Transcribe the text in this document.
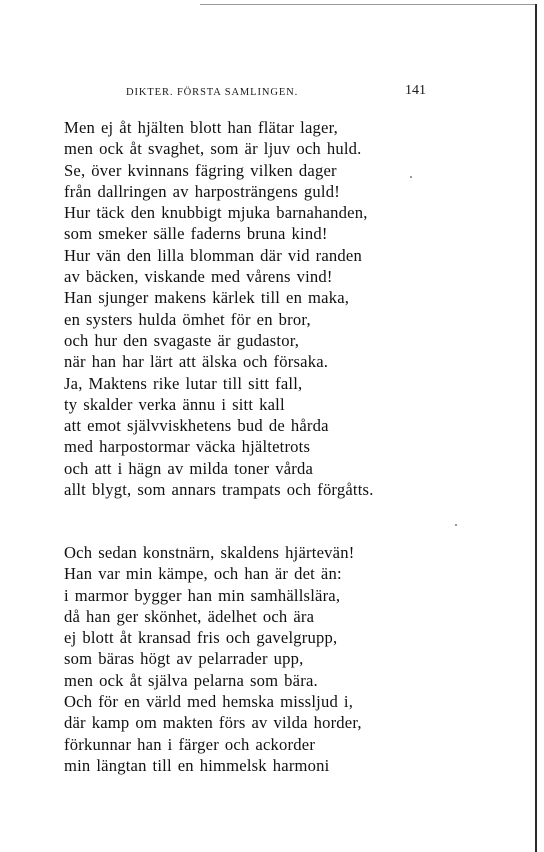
DIKTER. FÖRSTA SAMLINGEN.	141
Men ej åt hjälten blott han flätar lager,
men ock åt svaghet, som är ljuv och huld.
Se, över kvinnans fägring vilken dager
från dallringen av harposträngens guld!
Hur täck den knubbigt mjuka barnahanden,
som smeker sälle faderns bruna kind!
Hur vän den lilla blomman där vid randen
av bäcken, viskande med vårens vind!
Han sjunger makens kärlek till en maka,
en systers hulda ömhet för en bror,
och hur den svagaste är gudastor,
när han har lärt att älska och försaka.
Ja, Maktens rike lutar till sitt fall,
ty skalder verka ännu i sitt kall
att emot självviskhetens bud de hårda
med harpostormar väcka hjältetrots
och att i hägn av milda toner vårda
allt blygt, som annars trampats och förgåtts.
Och sedan konstnärn, skaldens hjärtevän!
Han var min kämpe, och han är det än:
i marmor bygger han min samhällslära,
då han ger skönhet, ädelhet och ära
ej blott åt kransad fris och gavelgrupp,
som bäras högt av pelarrader upp,
men ock åt själva pelarna som bära.
Och för en värld med hemska missljud i,
där kamp om makten förs av vilda horder,
förkunnar han i färger och ackorder
min längtan till en himmelsk harmoni
